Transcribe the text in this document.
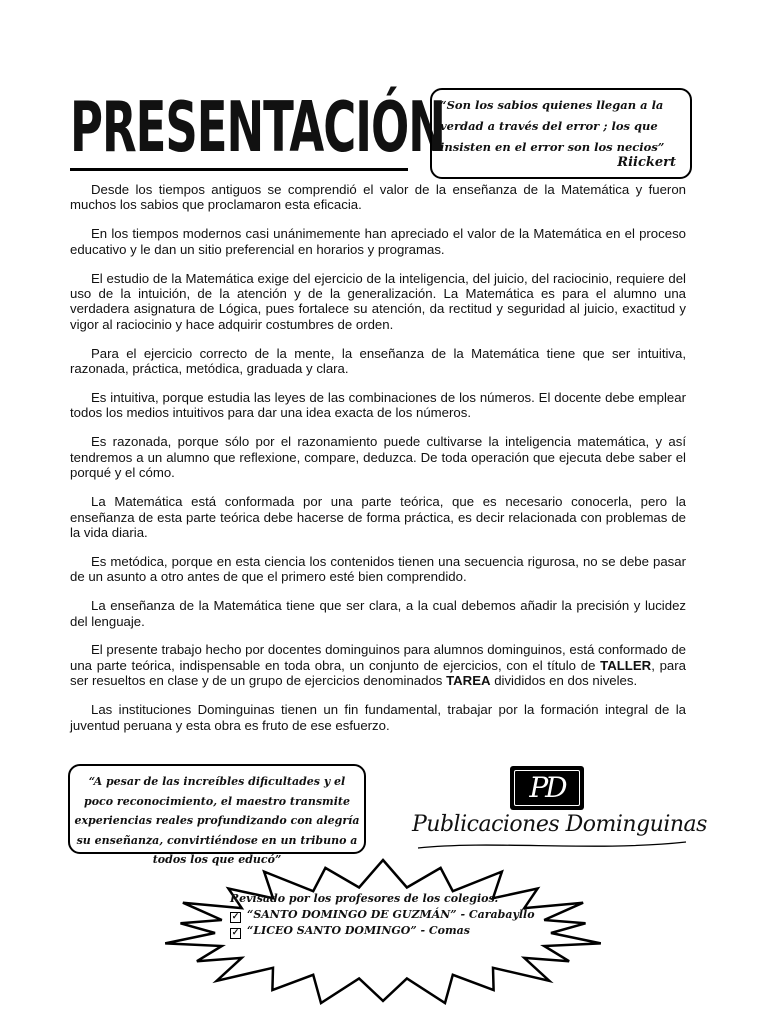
PRESENTACIÓN
“Son los sabios quienes llegan a la verdad a través del error ; los que insisten en el error son los necios”
Riickert

Desde los tiempos antiguos se comprendió el valor de la enseñanza de la Matemática y fueron muchos los sabios que proclamaron esta eficacia.

En los tiempos modernos casi unánimemente han apreciado el valor de la Matemática en el proceso educativo y le dan un sitio preferencial en horarios y programas.

El estudio de la Matemática exige del ejercicio de la inteligencia, del juicio, del raciocinio, requiere del uso de la intuición, de la atención y de la generalización. La Matemática es para el alumno una verdadera asignatura de Lógica, pues fortalece su atención, da rectitud y seguridad al juicio, exactitud y vigor al raciocinio y hace adquirir costumbres de orden.

Para el ejercicio correcto de la mente, la enseñanza de la Matemática tiene que ser intuitiva, razonada, práctica, metódica, graduada y clara.

Es intuitiva, porque estudia las leyes de las combinaciones de los números. El docente debe emplear todos los medios intuitivos para dar una idea exacta de los números.

Es razonada, porque sólo por el razonamiento puede cultivarse la inteligencia matemática, y así tendremos a un alumno que reflexione, compare, deduzca. De toda operación que ejecuta debe saber el porqué y el cómo.

La Matemática está conformada por una parte teórica, que es necesario conocerla, pero la enseñanza de esta parte teórica debe hacerse de forma práctica, es decir relacionada con problemas de la vida diaria.

Es metódica, porque en esta ciencia los contenidos tienen una secuencia rigurosa, no se debe pasar de un asunto a otro antes de que el primero esté bien comprendido.

La enseñanza de la Matemática tiene que ser clara, a la cual debemos añadir la precisión y lucidez del lenguaje.

El presente trabajo hecho por docentes dominguinos para alumnos dominguinos, está conformado de una parte teórica, indispensable en toda obra, un conjunto de ejercicios, con el título de TALLER, para ser resueltos en clase y de un grupo de ejercicios denominados TAREA divididos en dos niveles.

Las instituciones Dominguinas tienen un fin fundamental, trabajar por la formación integral de la juventud peruana y esta obra es fruto de ese esfuerzo.

“A pesar de las increíbles dificultades y el poco reconocimiento, el maestro transmite experiencias reales profundizando con alegría su enseñanza, convirtiéndose en un tribuno a todos los que educó”
PD
Publicaciones Dominguinas
Revisado por los profesores de los colegios:
✓ “SANTO DOMINGO DE GUZMÁN” - Carabayllo
✓ “LICEO SANTO DOMINGO” - Comas
